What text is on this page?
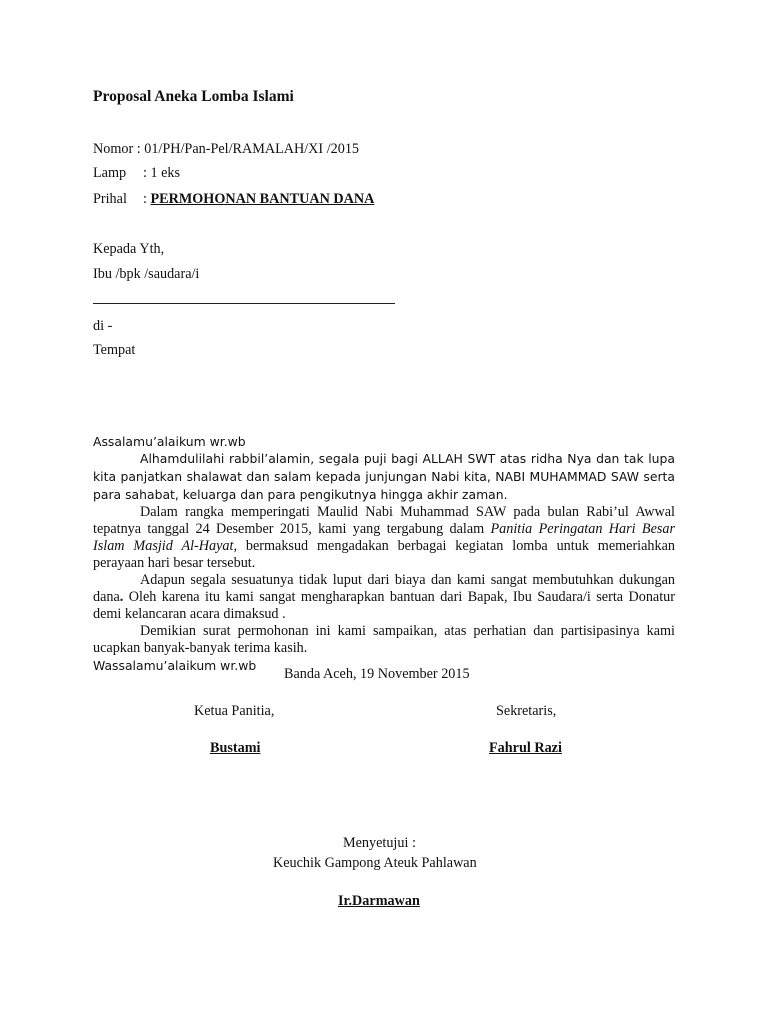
Proposal Aneka Lomba Islami
Nomor : 01/PH/Pan-Pel/RAMALAH/XI /2015
Lamp : 1 eks
Prihal : PERMOHONAN BANTUAN DANA
Kepada Yth,
Ibu /bpk /saudara/i
di -
Tempat

Assalamu’alaikum wr.wb

Alhamdulilahi rabbil’alamin, segala puji bagi ALLAH SWT atas ridha Nya dan tak lupa kita panjatkan shalawat dan salam kepada junjungan Nabi kita, NABI MUHAMMAD SAW serta para sahabat, keluarga dan para pengikutnya hingga akhir zaman.

Dalam rangka memperingati Maulid Nabi Muhammad SAW pada bulan Rabi’ul Awwal tepatnya tanggal 24 Desember 2015, kami yang tergabung dalam Panitia Peringatan Hari Besar Islam Masjid Al-Hayat, bermaksud mengadakan berbagai kegiatan lomba untuk memeriahkan perayaan hari besar tersebut.

Adapun segala sesuatunya tidak luput dari biaya dan kami sangat membutuhkan dukungan dana. Oleh karena itu kami sangat mengharapkan bantuan dari Bapak, Ibu Saudara/i serta Donatur demi kelancaran acara dimaksud .

Demikian surat permohonan ini kami sampaikan, atas perhatian dan partisipasinya kami ucapkan banyak-banyak terima kasih.

Wassalamu’alaikum wr.wb

Banda Aceh, 19 November 2015
Ketua Panitia,	Sekretaris,
Bustami	Fahrul Razi
Menyetujui :
Keuchik Gampong Ateuk Pahlawan
Ir.Darmawan
